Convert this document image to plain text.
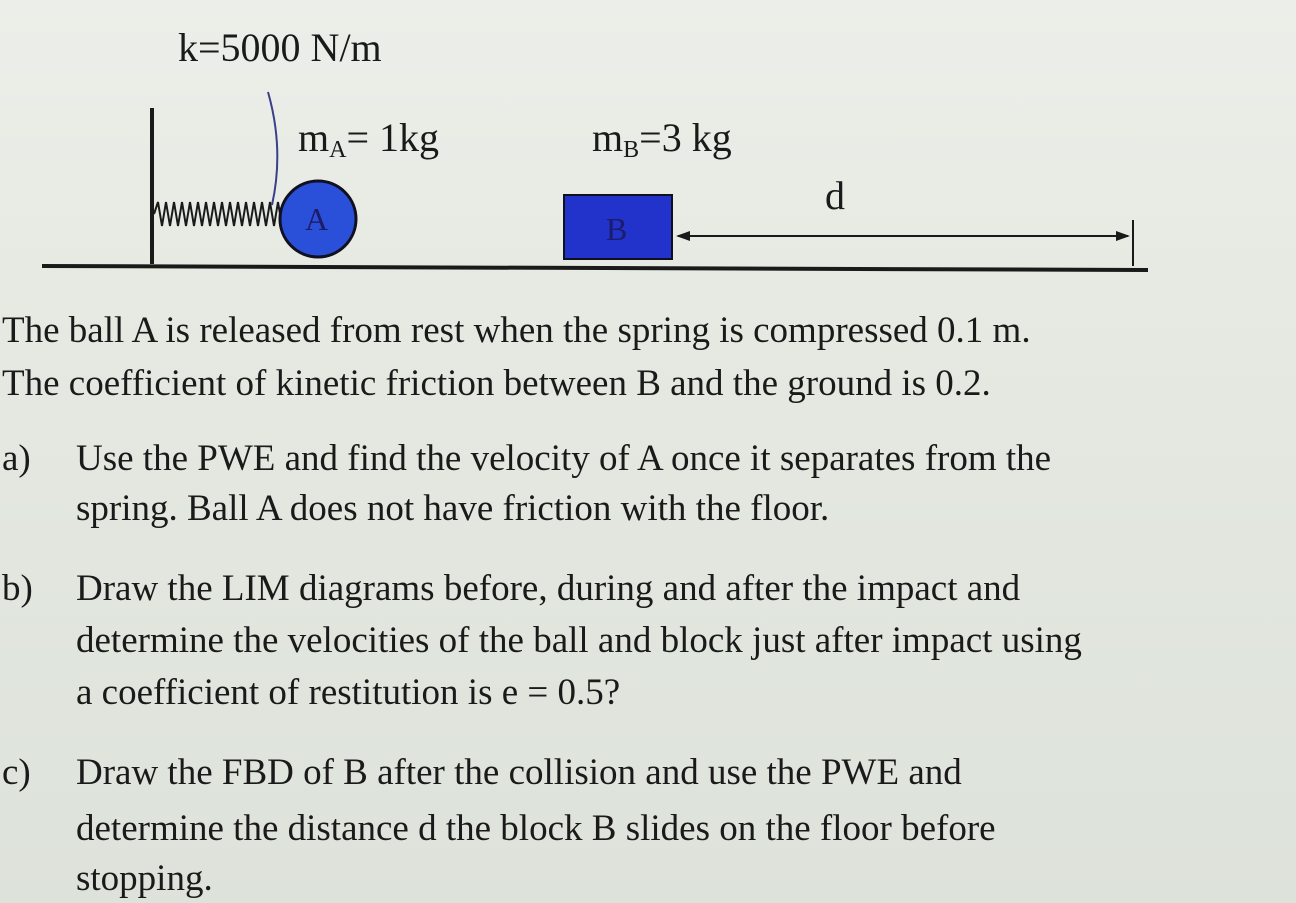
k=5000 N/m
$m_A= 1kg$	$m_B=3$ kg
A	B
d
The ball A is released from rest when the spring is compressed 0.1 m.
The coefficient of kinetic friction between B and the ground is 0.2.
a) Use the PWE and find the velocity of A once it separates from the
spring. Ball A does not have friction with the floor.
b) Draw the LIM diagrams before, during and after the impact and
determine the velocities of the ball and block just after impact using
a coefficient of restitution is e = 0.5?
c) Draw the FBD of B after the collision and use the PWE and
determine the distance d the block B slides on the floor before
stopping.
